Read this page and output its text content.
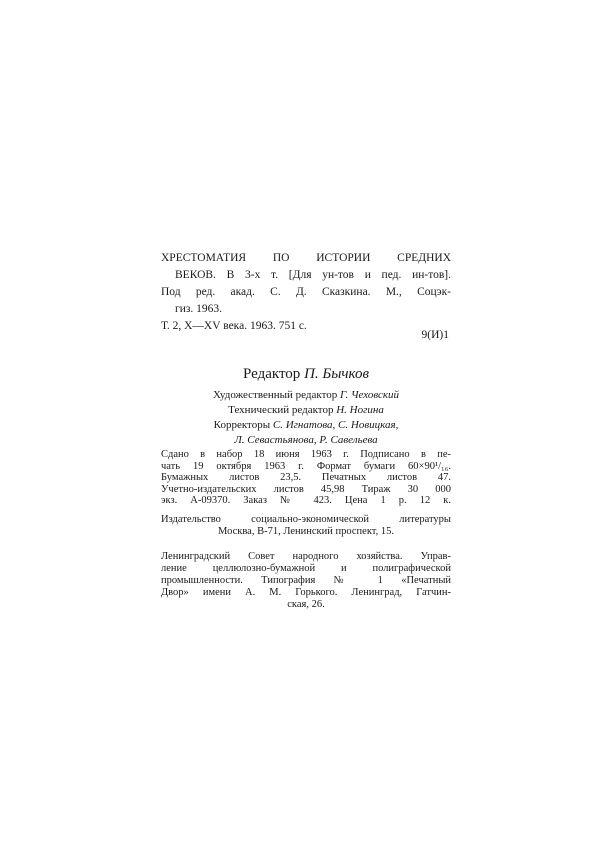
ХРЕСТОМАТИЯ ПО ИСТОРИИ СРЕДНИХ
ВЕКОВ. В 3-х т. [Для ун-тов и пед. ин-тов].
Под ред. акад. С. Д. Сказкина. М., Соцэк-
гиз. 1963.
Т. 2, X—XV века. 1963. 751 с.
9(И)1
Редактор П. Бычков
Художественный редактор Г. Чеховский
Технический редактор Н. Ногина
Корректоры С. Игнатова, С. Новицкая,
Л. Севастьянова, Р. Савельева
Сдано в набор 18 июня 1963 г. Подписано в пе-
чать 19 октября 1963 г. Формат бумаги 60×90¹/₁₆.
Бумажных листов 23,5. Печатных листов 47.
Учетно-издательских листов 45,98 Тираж 30 000
экз. А-09370. Заказ № 423. Цена 1 р. 12 к.
Издательство социально-экономической литературы
Москва, В-71, Ленинский проспект, 15.
Ленинградский Совет народного хозяйства. Управ-
ление целлюлозно-бумажной и полиграфической
промышленности. Типография № 1 «Печатный
Двор» имени А. М. Горького. Ленинград, Гатчин-
ская, 26.
